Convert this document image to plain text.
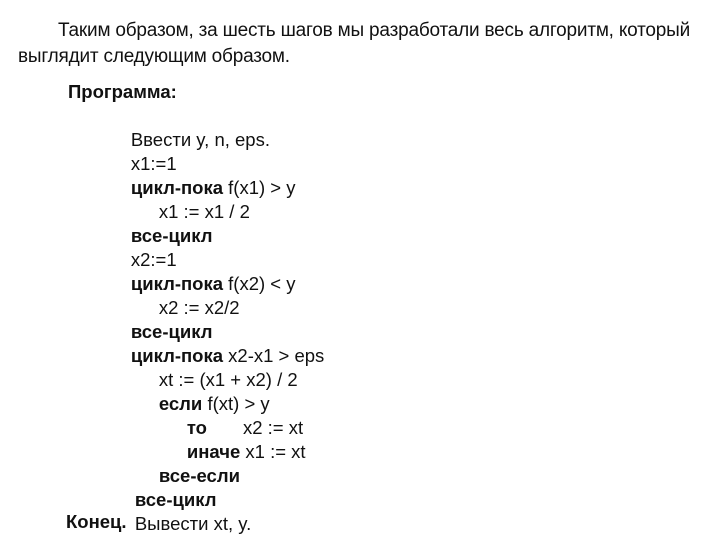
Таким образом, за шесть шагов мы разработали весь алгоритм, который
выглядит следующим образом.
Программа:

Ввести y, n, eps.

x1:=1

цикл-пока f(x1) > y

x1 := x1 / 2

все-цикл

x2:=1

цикл-пока f(x2) < y

x2 := x2/2

все-цикл

цикл-пока x2-x1 > eps

xt := (x1 + x2) / 2

если f(xt) > y

то       x2 := xt

иначе x1 := xt

все-если

все-цикл

Вывести xt, y.

Конец.
